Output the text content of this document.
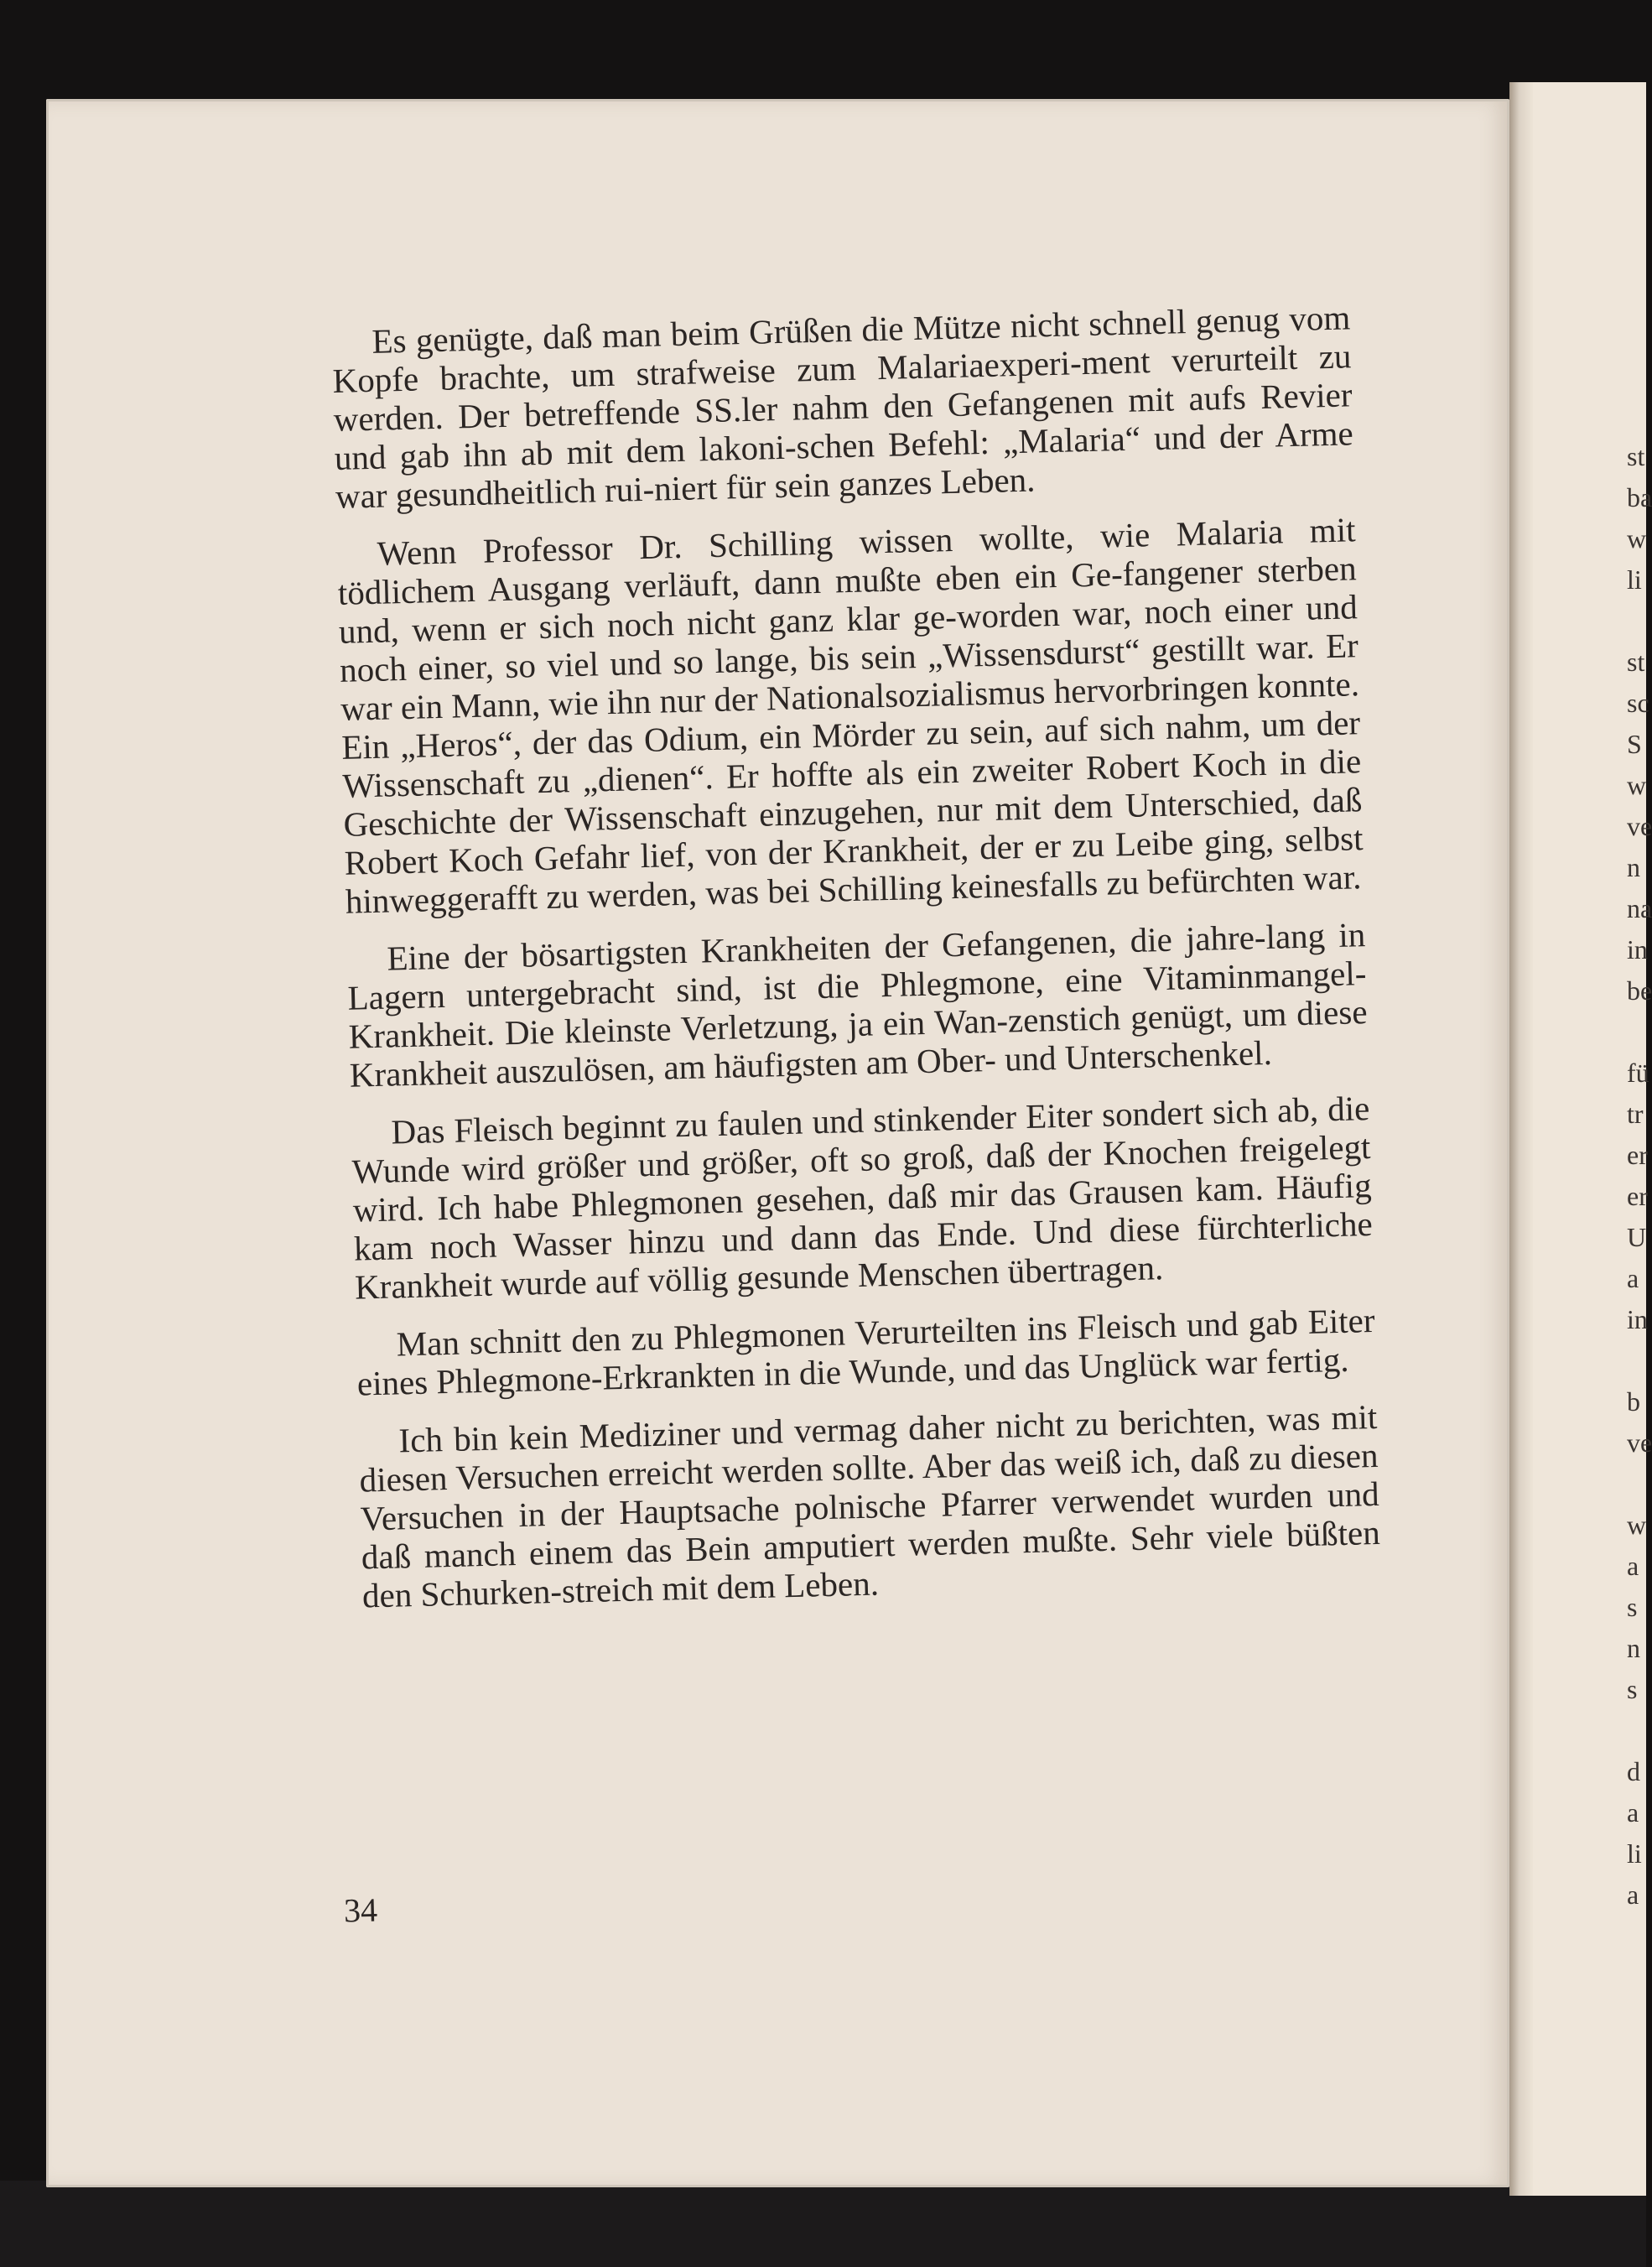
st
ba
w
li

st
sc
S
w
ve
n
na
in
be

fü
tr
er
er
U
a
in

b
ve

w
a
s
n
s

d
a
li
a

Es genügte, daß man beim Grüßen die Mütze nicht schnell genug vom Kopfe brachte, um strafweise zum Malariaexperi-ment verurteilt zu werden. Der betreffende SS.ler nahm den Gefangenen mit aufs Revier und gab ihn ab mit dem lakoni-schen Befehl: „Malaria“ und der Arme war gesundheitlich rui-niert für sein ganzes Leben.

Wenn Professor Dr. Schilling wissen wollte, wie Malaria mit tödlichem Ausgang verläuft, dann mußte eben ein Ge-fangener sterben und, wenn er sich noch nicht ganz klar ge-worden war, noch einer und noch einer, so viel und so lange, bis sein „Wissensdurst“ gestillt war. Er war ein Mann, wie ihn nur der Nationalsozialismus hervorbringen konnte. Ein „Heros“, der das Odium, ein Mörder zu sein, auf sich nahm, um der Wissenschaft zu „dienen“. Er hoffte als ein zweiter Robert Koch in die Geschichte der Wissenschaft einzugehen, nur mit dem Unterschied, daß Robert Koch Gefahr lief, von der Krankheit, der er zu Leibe ging, selbst hinweggerafft zu werden, was bei Schilling keinesfalls zu befürchten war.

Eine der bösartigsten Krankheiten der Gefangenen, die jahre-lang in Lagern untergebracht sind, ist die Phlegmone, eine Vitaminmangel-Krankheit. Die kleinste Verletzung, ja ein Wan-zenstich genügt, um diese Krankheit auszulösen, am häufigsten am Ober- und Unterschenkel.

Das Fleisch beginnt zu faulen und stinkender Eiter sondert sich ab, die Wunde wird größer und größer, oft so groß, daß der Knochen freigelegt wird. Ich habe Phlegmonen gesehen, daß mir das Grausen kam. Häufig kam noch Wasser hinzu und dann das Ende. Und diese fürchterliche Krankheit wurde auf völlig gesunde Menschen übertragen.

Man schnitt den zu Phlegmonen Verurteilten ins Fleisch und gab Eiter eines Phlegmone-Erkrankten in die Wunde, und das Unglück war fertig.

Ich bin kein Mediziner und vermag daher nicht zu berichten, was mit diesen Versuchen erreicht werden sollte. Aber das weiß ich, daß zu diesen Versuchen in der Hauptsache polnische Pfarrer verwendet wurden und daß manch einem das Bein amputiert werden mußte. Sehr viele büßten den Schurken-streich mit dem Leben.

34
